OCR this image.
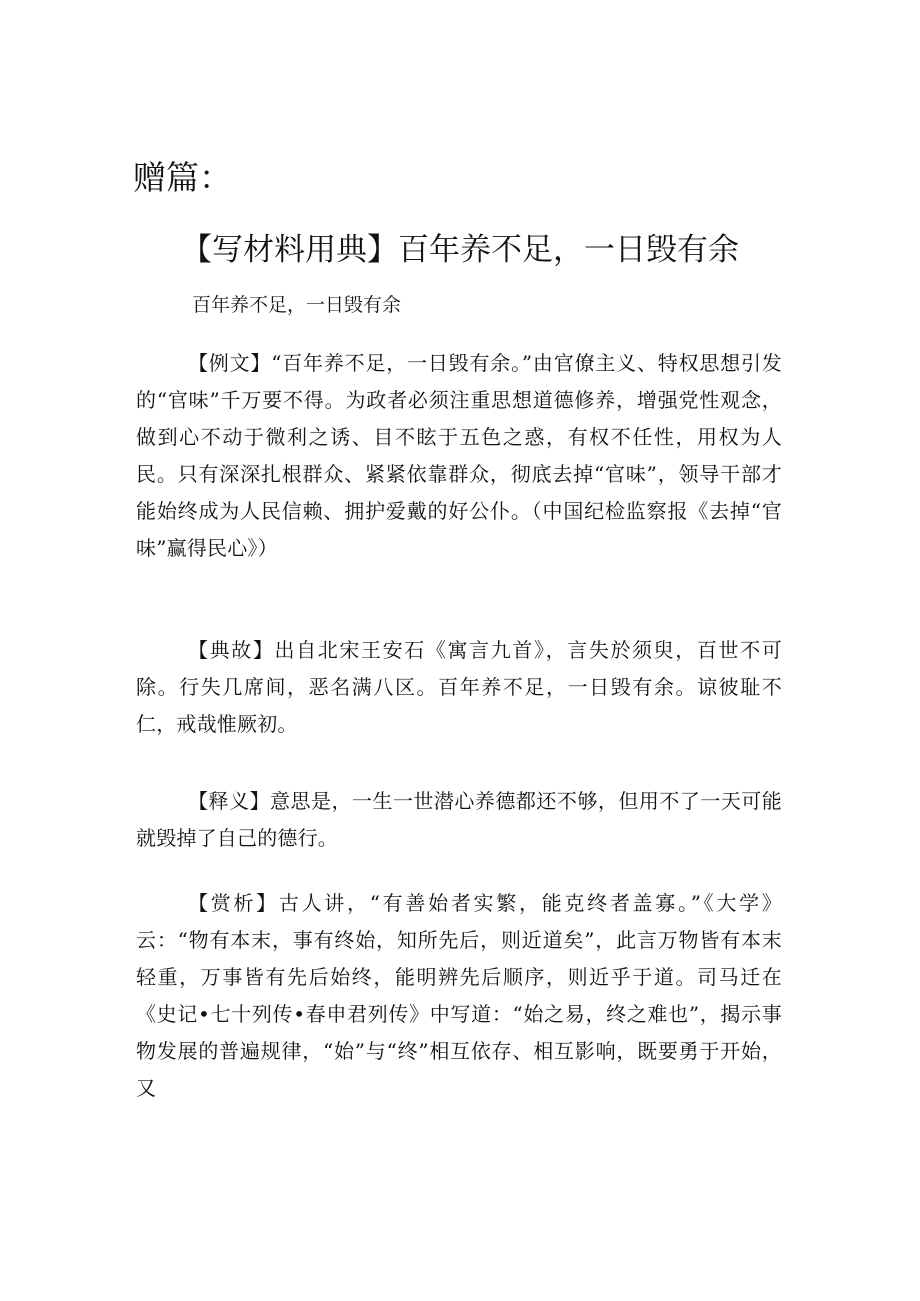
赠篇：
【写材料用典】百年养不足，一日毁有余

百年养不足，一日毁有余

【例文】“百年养不足，一日毁有余。”由官僚主义、特权思想引发的“官味”千万要不得。为政者必须注重思想道德修养，增强党性观念，做到心不动于微利之诱、目不眩于五色之惑，有权不任性，用权为人民。只有深深扎根群众、紧紧依靠群众，彻底去掉“官味”，领导干部才能始终成为人民信赖、拥护爱戴的好公仆。（中国纪检监察报《去掉“官味”赢得民心》）

【典故】出自北宋王安石《寓言九首》，言失於须臾，百世不可除。行失几席间，恶名满八区。百年养不足，一日毁有余。谅彼耻不仁，戒哉惟厥初。

【释义】意思是，一生一世潜心养德都还不够，但用不了一天可能就毁掉了自己的德行。

【赏析】古人讲，“有善始者实繁，能克终者盖寡。”《大学》云：“物有本末，事有终始，知所先后，则近道矣”，此言万物皆有本末轻重，万事皆有先后始终，能明辨先后顺序，则近乎于道。司马迁在《史记•七十列传•春申君列传》中写道：“始之易，终之难也”，揭示事物发展的普遍规律，“始”与“终”相互依存、相互影响，既要勇于开始，又
